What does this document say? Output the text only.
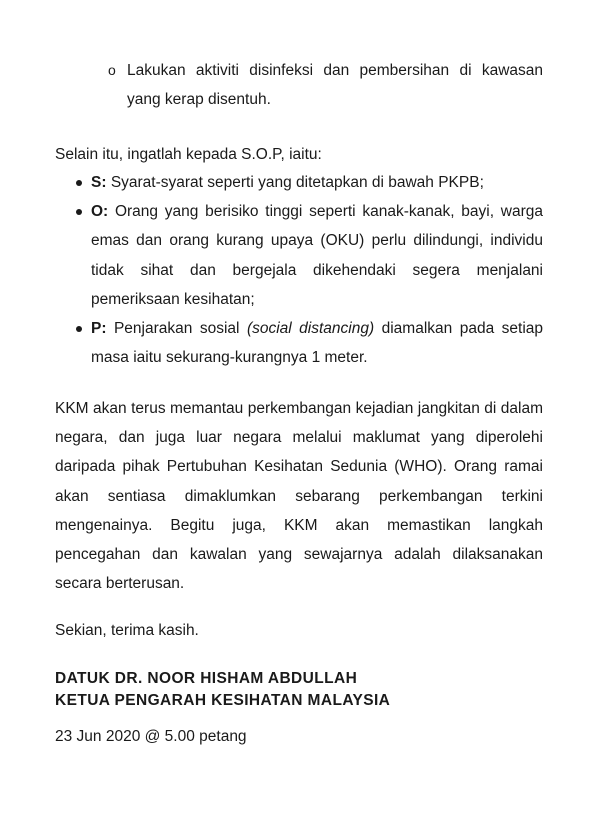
o Lakukan aktiviti disinfeksi dan pembersihan di kawasan yang kerap disentuh.
Selain itu, ingatlah kepada S.O.P, iaitu:
S: Syarat-syarat seperti yang ditetapkan di bawah PKPB;
O: Orang yang berisiko tinggi seperti kanak-kanak, bayi, warga emas dan orang kurang upaya (OKU) perlu dilindungi, individu tidak sihat dan bergejala dikehendaki segera menjalani pemeriksaan kesihatan;
P: Penjarakan sosial (social distancing) diamalkan pada setiap masa iaitu sekurang-kurangnya 1 meter.
KKM akan terus memantau perkembangan kejadian jangkitan di dalam negara, dan juga luar negara melalui maklumat yang diperolehi daripada pihak Pertubuhan Kesihatan Sedunia (WHO). Orang ramai akan sentiasa dimaklumkan sebarang perkembangan terkini mengenainya. Begitu juga, KKM akan memastikan langkah pencegahan dan kawalan yang sewajarnya adalah dilaksanakan secara berterusan.
Sekian, terima kasih.
DATUK DR. NOOR HISHAM ABDULLAH
KETUA PENGARAH KESIHATAN MALAYSIA
23 Jun 2020 @ 5.00 petang
